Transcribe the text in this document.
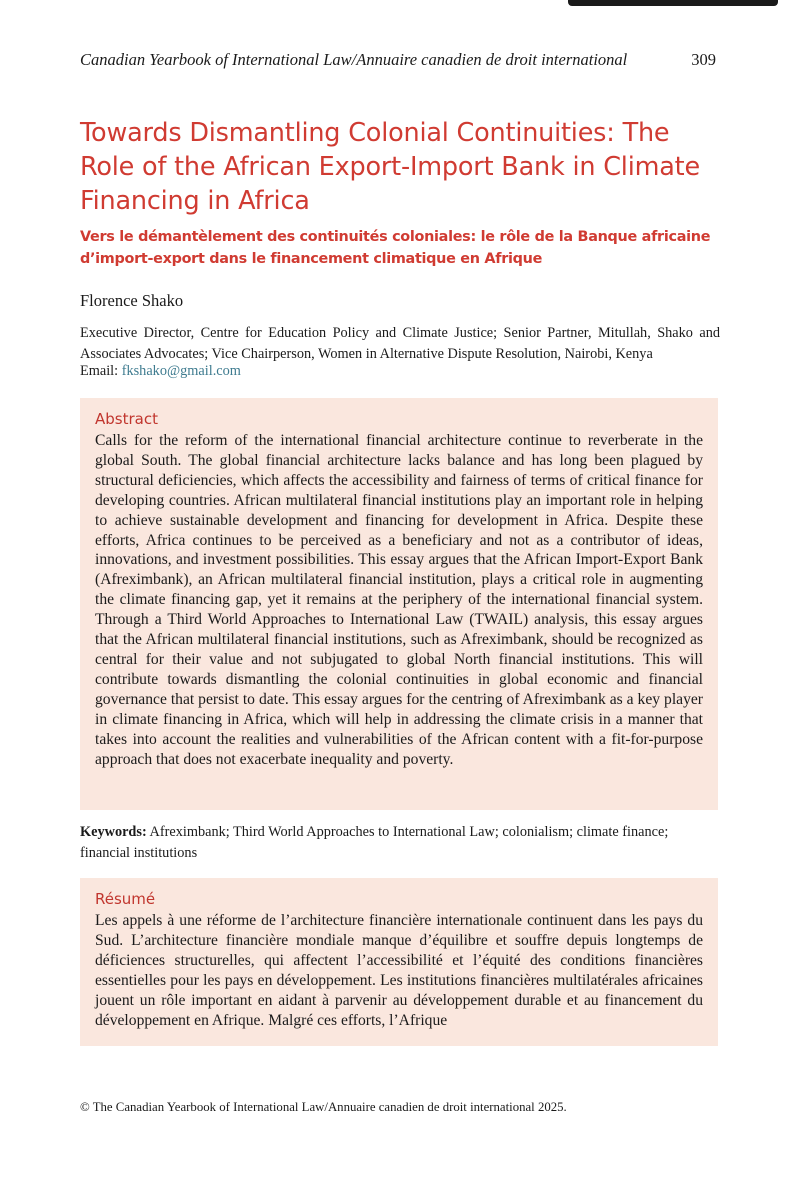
Canadian Yearbook of International Law/Annuaire canadien de droit international	309
Towards Dismantling Colonial Continuities: The Role of the African Export-Import Bank in Climate Financing in Africa
Vers le démantèlement des continuités coloniales: le rôle de la Banque africaine d’import-export dans le financement climatique en Afrique
Florence Shako
Executive Director, Centre for Education Policy and Climate Justice; Senior Partner, Mitullah, Shako and Associates Advocates; Vice Chairperson, Women in Alternative Dispute Resolution, Nairobi, Kenya
Email: fkshako@gmail.com
Abstract

Calls for the reform of the international financial architecture continue to reverberate in the global South. The global financial architecture lacks balance and has long been plagued by structural deficiencies, which affects the accessibility and fairness of terms of critical finance for developing countries. African multilateral financial institutions play an important role in helping to achieve sustainable development and financing for development in Africa. Despite these efforts, Africa continues to be perceived as a beneficiary and not as a contributor of ideas, innovations, and investment possibilities. This essay argues that the African Import-Export Bank (Afreximbank), an African multilateral financial institution, plays a critical role in augmenting the climate financing gap, yet it remains at the periphery of the international financial system. Through a Third World Approaches to International Law (TWAIL) analysis, this essay argues that the African multilateral financial institutions, such as Afreximbank, should be recognized as central for their value and not subjugated to global North financial institutions. This will contribute towards dismantling the colonial continuities in global economic and financial governance that persist to date. This essay argues for the centring of Afreximbank as a key player in climate financing in Africa, which will help in addressing the climate crisis in a manner that takes into account the realities and vulnerabilities of the African content with a fit-for-purpose approach that does not exacerbate inequality and poverty.

Keywords: Afreximbank; Third World Approaches to International Law; colonialism; climate finance; financial institutions
Résumé

Les appels à une réforme de l’architecture financière internationale continuent dans les pays du Sud. L’architecture financière mondiale manque d’équilibre et souffre depuis longtemps de déficiences structurelles, qui affectent l’accessibilité et l’équité des conditions financières essentielles pour les pays en développement. Les institutions financières multilatérales africaines jouent un rôle important en aidant à parvenir au développement durable et au financement du développement en Afrique. Malgré ces efforts, l’Afrique

© The Canadian Yearbook of International Law/Annuaire canadien de droit international 2025.
